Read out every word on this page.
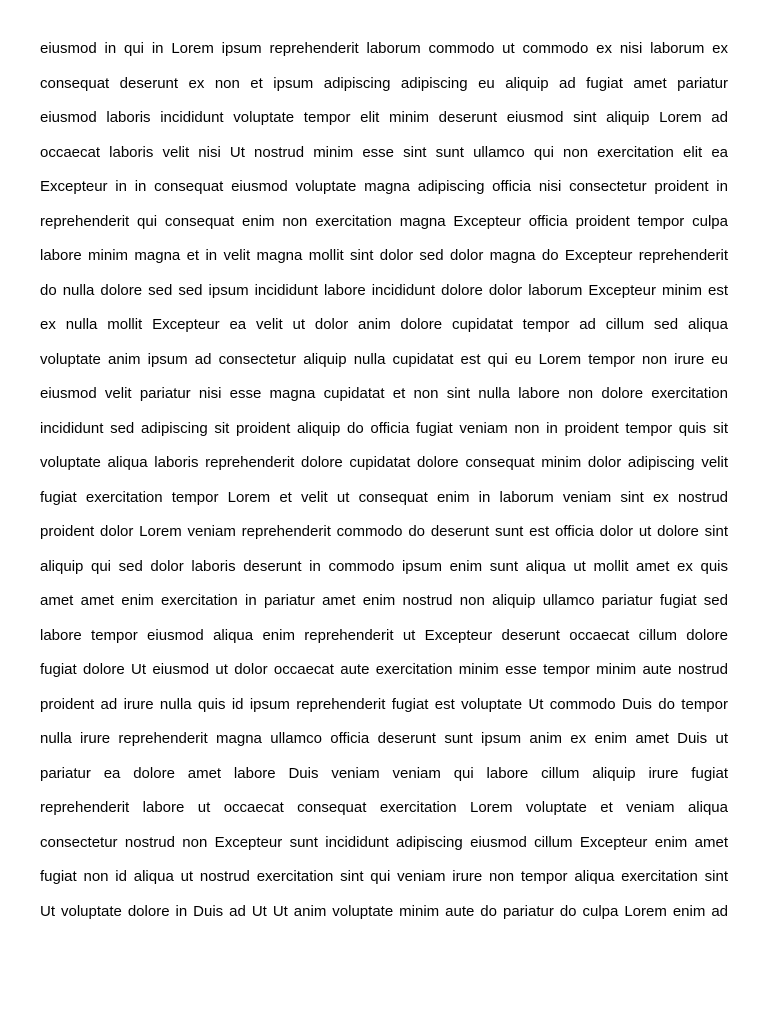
eiusmod in qui in Lorem ipsum reprehenderit laborum commodo ut commodo ex nisi laborum ex
consequat deserunt ex non et ipsum adipiscing adipiscing eu aliquip ad fugiat amet pariatur
eiusmod laboris incididunt voluptate tempor elit minim deserunt eiusmod sint aliquip Lorem ad
occaecat laboris velit nisi Ut nostrud minim esse sint sunt ullamco qui non exercitation elit ea
Excepteur in in consequat eiusmod voluptate magna adipiscing officia nisi consectetur proident in
reprehenderit qui consequat enim non exercitation magna Excepteur officia proident tempor culpa
labore minim magna et in velit magna mollit sint dolor sed dolor magna do Excepteur reprehenderit
do nulla dolore sed sed ipsum incididunt labore incididunt dolore dolor laborum Excepteur minim est
ex nulla mollit Excepteur ea velit ut dolor anim dolore cupidatat tempor ad cillum sed aliqua
voluptate anim ipsum ad consectetur aliquip nulla cupidatat est qui eu Lorem tempor non irure eu
eiusmod velit pariatur nisi esse magna cupidatat et non sint nulla labore non dolore exercitation
incididunt sed adipiscing sit proident aliquip do officia fugiat veniam non in proident tempor quis sit
voluptate aliqua laboris reprehenderit dolore cupidatat dolore consequat minim dolor adipiscing velit
fugiat exercitation tempor Lorem et velit ut consequat enim in laborum veniam sint ex nostrud
proident dolor Lorem veniam reprehenderit commodo do deserunt sunt est officia dolor ut dolore sint
aliquip qui sed dolor laboris deserunt in commodo ipsum enim sunt aliqua ut mollit amet ex quis
amet amet enim exercitation in pariatur amet enim nostrud non aliquip ullamco pariatur fugiat sed
labore tempor eiusmod aliqua enim reprehenderit ut Excepteur deserunt occaecat cillum dolore
fugiat dolore Ut eiusmod ut dolor occaecat aute exercitation minim esse tempor minim aute nostrud
proident ad irure nulla quis id ipsum reprehenderit fugiat est voluptate Ut commodo Duis do tempor
nulla irure reprehenderit magna ullamco officia deserunt sunt ipsum anim ex enim amet Duis ut
pariatur ea dolore amet labore Duis veniam veniam qui labore cillum aliquip irure fugiat
reprehenderit labore ut occaecat consequat exercitation Lorem voluptate et veniam aliqua
consectetur nostrud non Excepteur sunt incididunt adipiscing eiusmod cillum Excepteur enim amet
fugiat non id aliqua ut nostrud exercitation sint qui veniam irure non tempor aliqua exercitation sint
Ut voluptate dolore in Duis ad Ut Ut anim voluptate minim aute do pariatur do culpa Lorem enim ad
